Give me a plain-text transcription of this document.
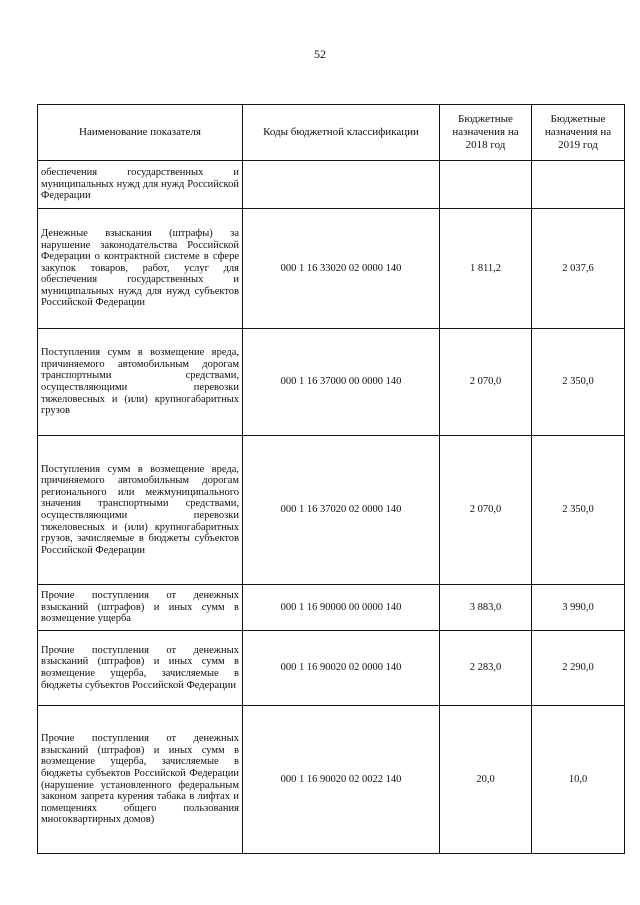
52
Наименование показателя	Коды бюджетной классификации	Бюджетные назначения на 2018 год	Бюджетные назначения на 2019 год
обеспечения государственных и муниципальных нужд для нужд Российской Федерации			
Денежные взыскания (штрафы) за нарушение законодательства Российской Федерации о контрактной системе в сфере закупок товаров, работ, услуг для обеспечения государственных и муниципальных нужд для нужд субъектов Российской Федерации	000 1 16 33020 02 0000 140	1 811,2	2 037,6
Поступления сумм в возмещение вреда, причиняемого автомобильным дорогам транспортными средствами, осуществляющими перевозки тяжеловесных и (или) крупногабаритных грузов	000 1 16 37000 00 0000 140	2 070,0	2 350,0
Поступления сумм в возмещение вреда, причиняемого автомобильным дорогам регионального или межмуниципального значения транспортными средствами, осуществляющими перевозки тяжеловесных и (или) крупногабаритных грузов, зачисляемые в бюджеты субъектов Российской Федерации	000 1 16 37020 02 0000 140	2 070,0	2 350,0
Прочие поступления от денежных взысканий (штрафов) и иных сумм в возмещение ущерба	000 1 16 90000 00 0000 140	3 883,0	3 990,0
Прочие поступления от денежных взысканий (штрафов) и иных сумм в возмещение ущерба, зачисляемые в бюджеты субъектов Российской Федерации	000 1 16 90020 02 0000 140	2 283,0	2 290,0
Прочие поступления от денежных взысканий (штрафов) и иных сумм в возмещение ущерба, зачисляемые в бюджеты субъектов Российской Федерации (нарушение установленного федеральным законом запрета курения табака в лифтах и помещениях общего пользования многоквартирных домов)	000 1 16 90020 02 0022 140	20,0	10,0
